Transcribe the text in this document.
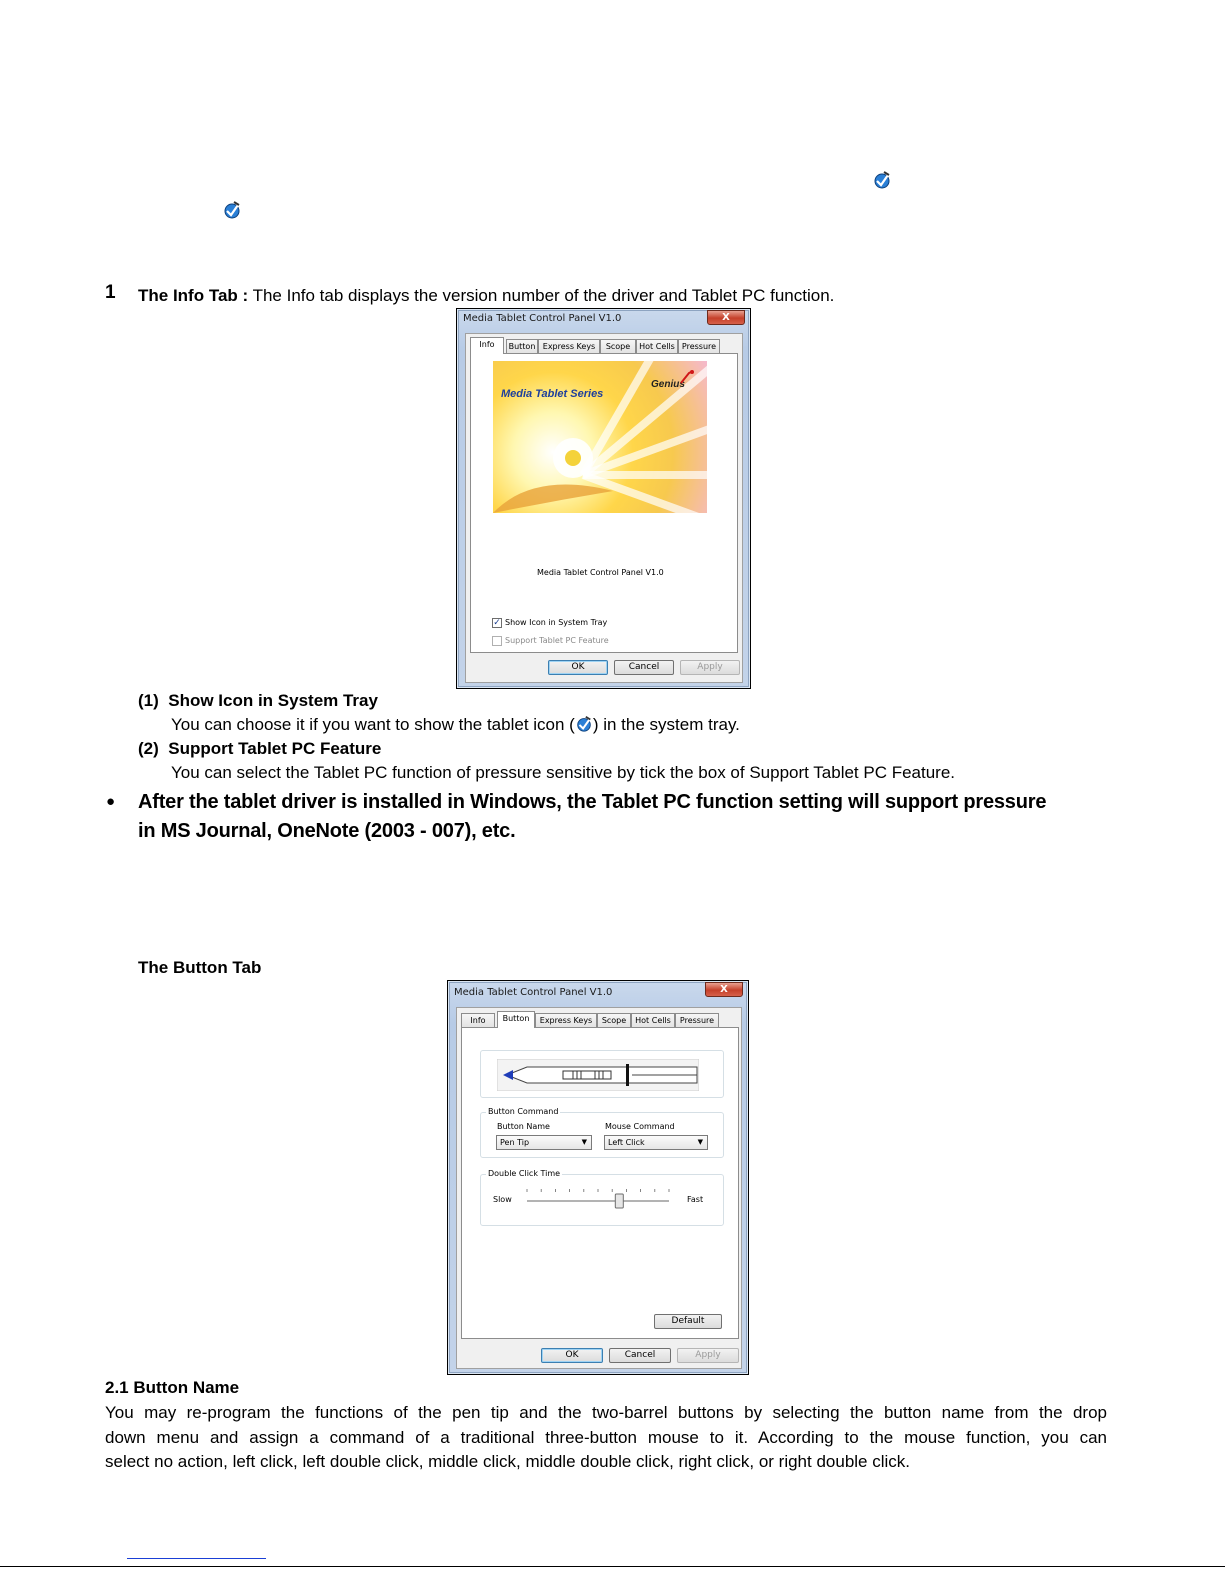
1 The Info Tab : The Info tab displays the version number of the driver and Tablet PC function.
Media Tablet Control Panel V1.0	X
Info	Button Express Keys	Scope	Hot Cells Pressure
Media Tablet Series
Genius
Media Tablet Control Panel V1.0
✓ Show Icon in System Tray
Support Tablet PC Feature
OK	Cancel	Apply
(1) Show Icon in System Tray
You can choose it if you want to show the tablet icon ( ) in the system tray.
(2) Support Tablet PC Feature
You can select the Tablet PC function of pressure sensitive by tick the box of Support Tablet PC Feature.
● After the tablet driver is installed in Windows, the Tablet PC function setting will support pressure
in MS Journal, OneNote (2003 - 007), etc.
The Button Tab
Media Tablet Control Panel V1.0	X
Info	Button	Express Keys	Scope	Hot Cells	Pressure
Button Command
Button Name	Mouse Command
Pen Tip	▼	Left Click	▼
Double Click Time
Slow	Fast
Default
OK	Cancel	Apply
2.1 Button Name
You may re-program the functions of the pen tip and the two-barrel buttons by selecting the button name from the drop
down menu and assign a command of a traditional three-button mouse to it. According to the mouse function, you can
select no action, left click, left double click, middle click, middle double click, right click, or right double click.
